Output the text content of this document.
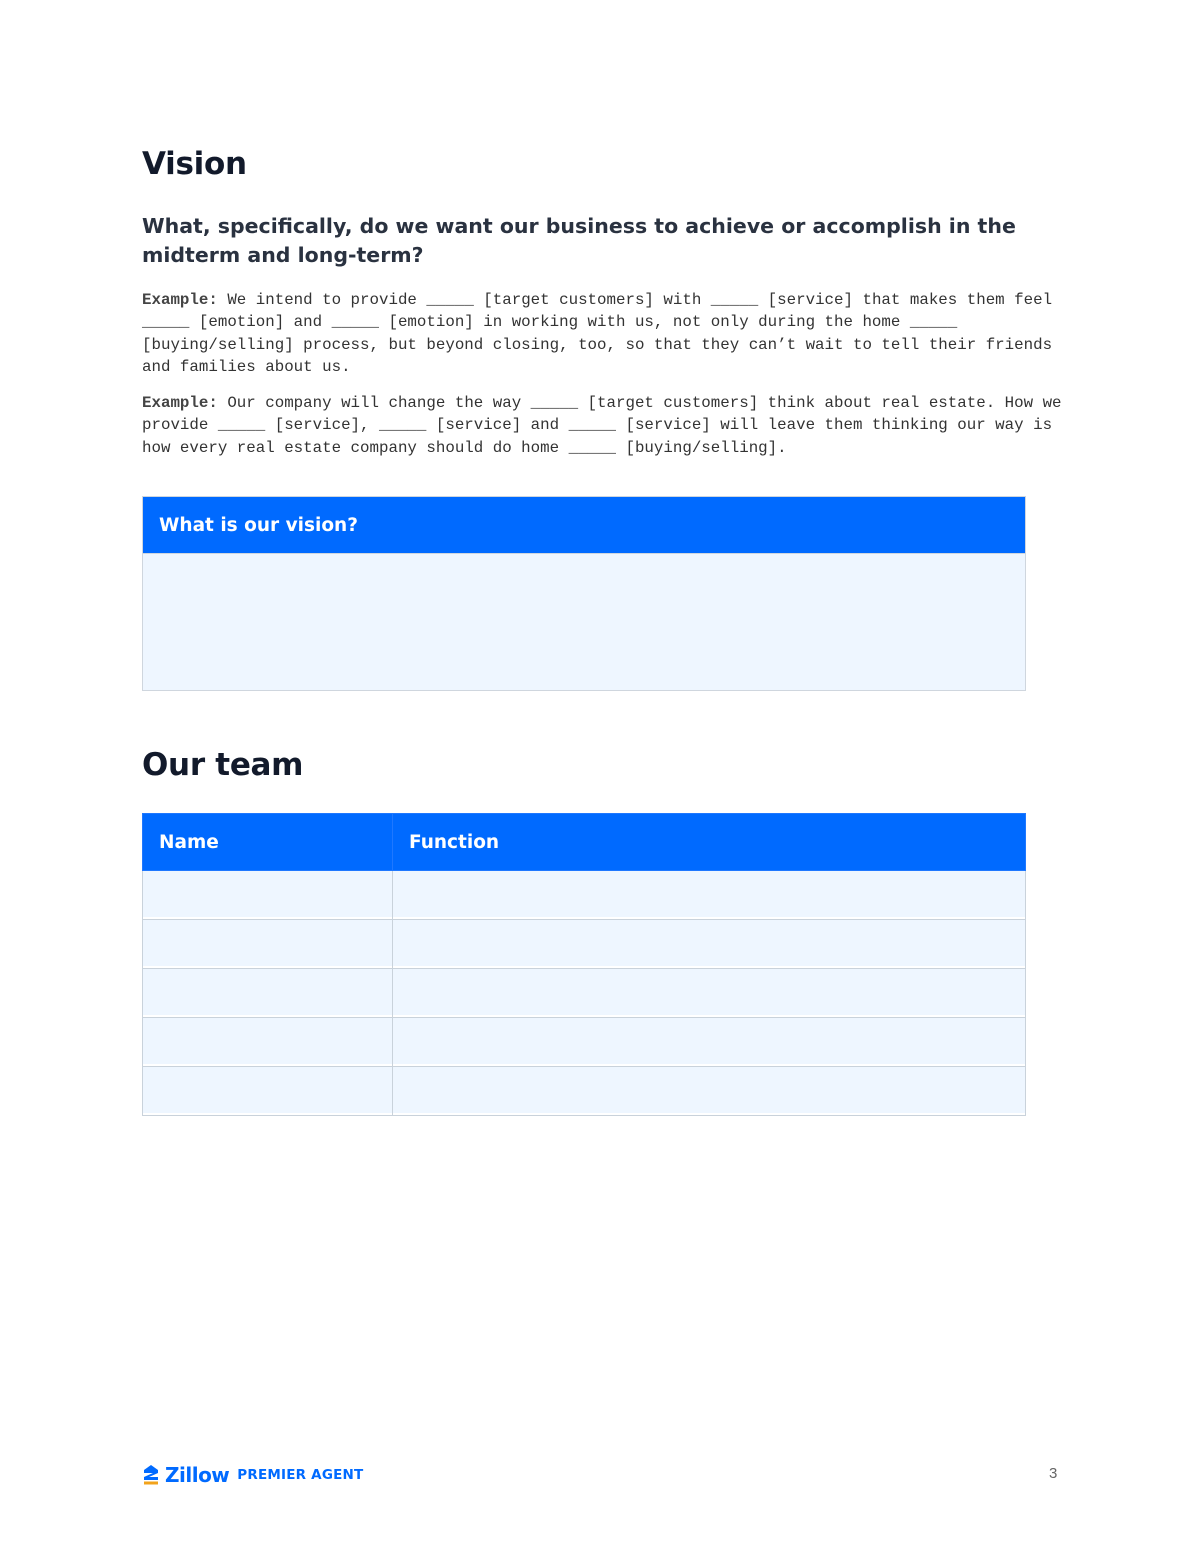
Vision
What, specifically, do we want our business to achieve or accomplish in the midterm and long-term?

Example: We intend to provide _____ [target customers] with _____ [service] that makes them feel _____ [emotion] and _____ [emotion] in working with us, not only during the home _____ [buying/selling] process, but beyond closing, too, so that they can’t wait to tell their friends and families about us.

Example: Our company will change the way _____ [target customers] think about real estate. How we provide _____ [service], _____ [service] and _____ [service] will leave them thinking our way is how every real estate company should do home _____ [buying/selling].

What is our vision?
Our team
Name	Function

Zillow PREMIER AGENT	3
